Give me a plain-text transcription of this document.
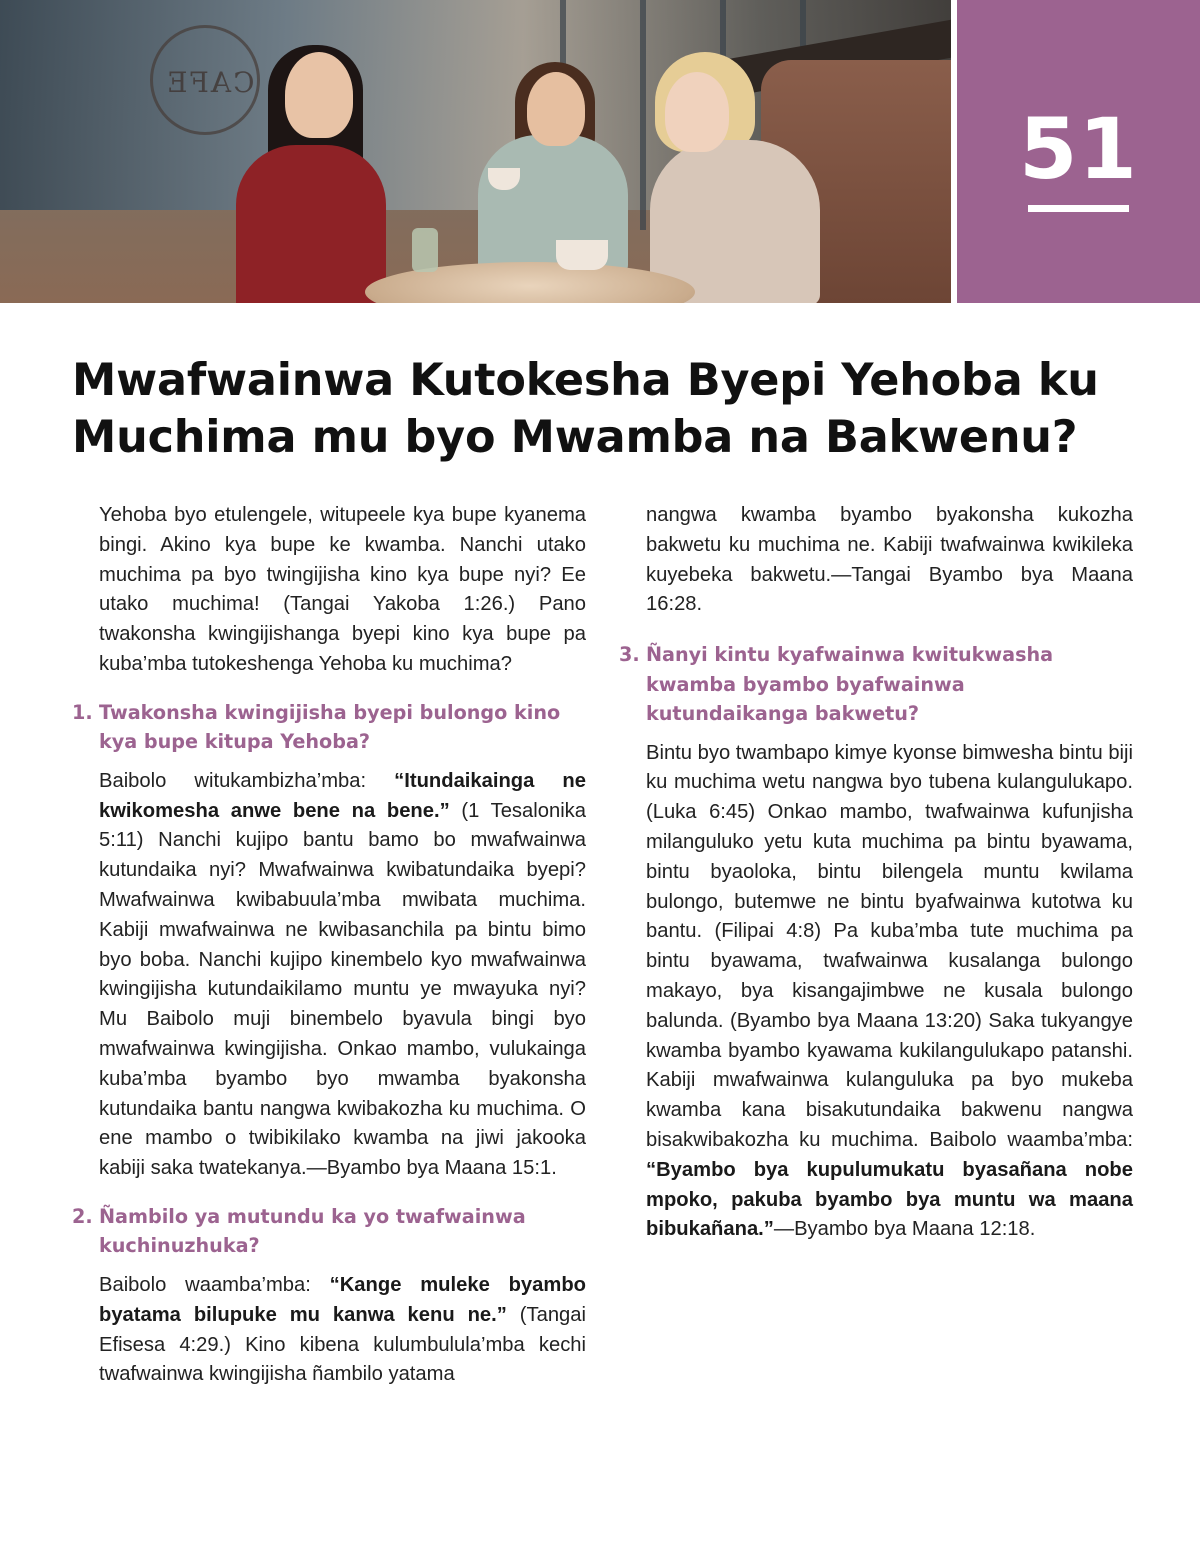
CAFE
51
Mwafwainwa Kutokesha Byepi Yehoba ku Muchima mu byo Mwamba na Bakwenu?

Yehoba byo etulengele, witupeele kya bupe kyanema bingi. Akino kya bupe ke kwamba. Nanchi utako muchima pa byo twingijisha kino kya bupe nyi? Ee utako muchima! (Tangai Yakoba 1:26.) Pano twakonsha kwingijishanga byepi kino kya bupe pa kuba’mba tutokeshenga Yehoba ku muchima?

1. Twakonsha kwingijisha byepi bulongo kino kya bupe kitupa Yehoba?

Baibolo witukambizha’mba: “Itundaikainga ne kwikomesha anwe bene na bene.” (1 Tesalonika 5:11) Nanchi kujipo bantu bamo bo mwafwainwa kutundaika nyi? Mwafwainwa kwibatundaika byepi? Mwafwainwa kwibabuula’mba mwibata muchima. Kabiji mwafwainwa ne kwibasanchila pa bintu bimo byo boba. Nanchi kujipo kinembelo kyo mwafwainwa kwingijisha kutundaikilamo muntu ye mwayuka nyi? Mu Baibolo muji binembelo byavula bingi byo mwafwainwa kwingijisha. Onkao mambo, vulukainga kuba’mba byambo byo mwamba byakonsha kutundaika bantu nangwa kwibakozha ku muchima. O ene mambo o twibikilako kwamba na jiwi jakooka kabiji saka twatekanya.—Byambo bya Maana 15:1.

2. Ñambilo ya mutundu ka yo twafwainwa kuchinuzhuka?

Baibolo waamba’mba: “Kange muleke byambo byatama bilupuke mu kanwa kenu ne.” (Tangai Efisesa 4:29.) Kino kibena kulumbulula’mba kechi twafwainwa kwingijisha ñambilo yatama

nangwa kwamba byambo byakonsha kukozha bakwetu ku muchima ne. Kabiji twafwainwa kwikileka kuyebeka bakwetu.—Tangai Byambo bya Maana 16:28.

3. Ñanyi kintu kyafwainwa kwitukwasha kwamba byambo byafwainwa kutundaikanga bakwetu?

Bintu byo twambapo kimye kyonse bimwesha bintu biji ku muchima wetu nangwa byo tubena kulangulukapo. (Luka 6:45) Onkao mambo, twafwainwa kufunjisha milanguluko yetu kuta muchima pa bintu byawama, bintu byaoloka, bintu bilengela muntu kwilama bulongo, butemwe ne bintu byafwainwa kutotwa ku bantu. (Filipai 4:8) Pa kuba’mba tute muchima pa bintu byawama, twafwainwa kusalanga bulongo makayo, bya kisangajimbwe ne kusala bulongo balunda. (Byambo bya Maana 13:20) Saka tukyangye kwamba byambo kyawama kukilangulukapo patanshi. Kabiji mwafwainwa kulanguluka pa byo mukeba kwamba kana bisakutundaika bakwenu nangwa bisakwibakozha ku muchima. Baibolo waamba’mba: “Byambo bya kupulumukatu byasañana nobe mpoko, pakuba byambo bya muntu wa maana bibukañana.”—Byambo bya Maana 12:18.
